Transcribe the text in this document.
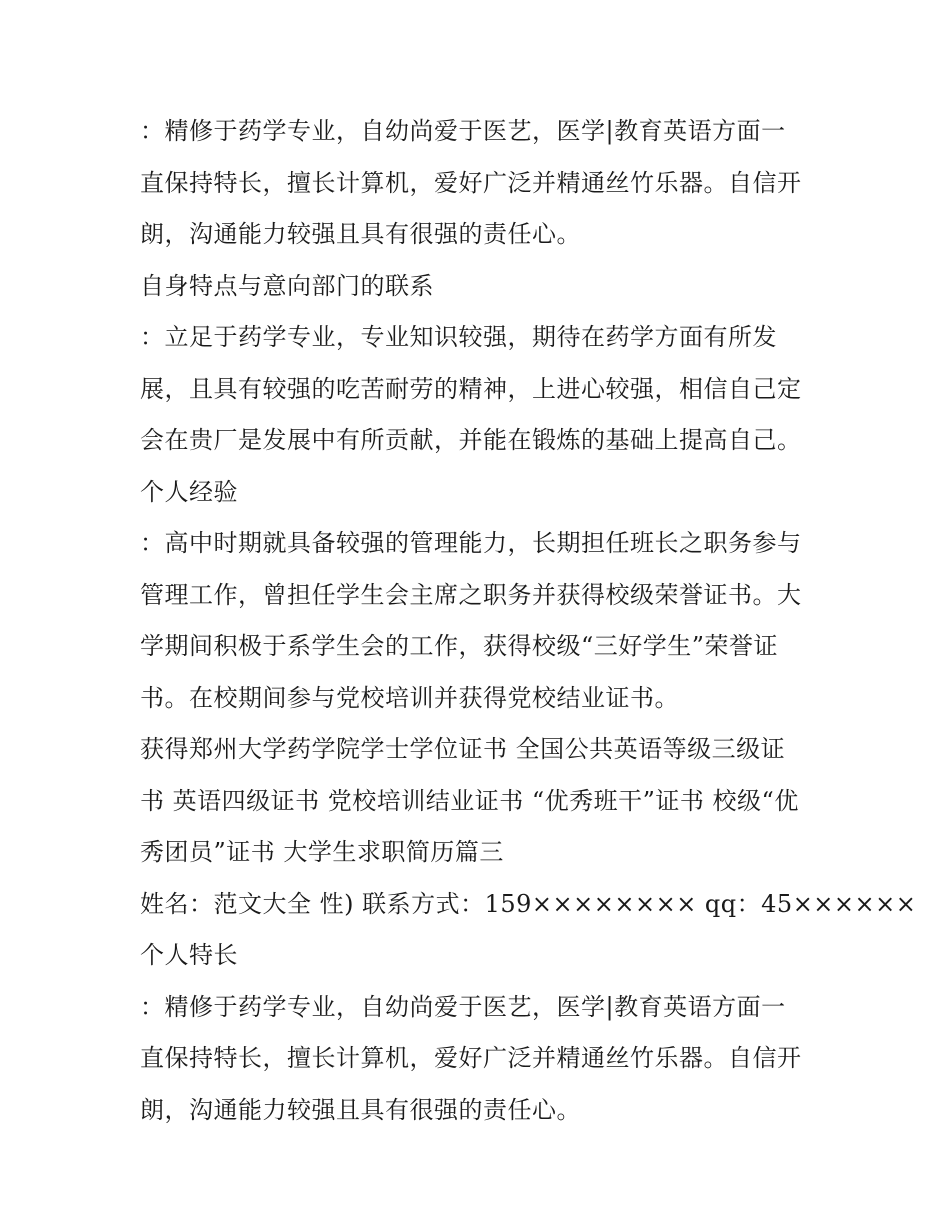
：精修于药学专业，自幼尚爱于医艺，医学|教育英语方面一
直保持特长，擅长计算机，爱好广泛并精通丝竹乐器。自信开
朗，沟通能力较强且具有很强的责任心。
自身特点与意向部门的联系
：立足于药学专业，专业知识较强，期待在药学方面有所发
展，且具有较强的吃苦耐劳的精神，上进心较强，相信自己定
会在贵厂是发展中有所贡献，并能在锻炼的基础上提高自己。
个人经验
：高中时期就具备较强的管理能力，长期担任班长之职务参与
管理工作，曾担任学生会主席之职务并获得校级荣誉证书。大
学期间积极于系学生会的工作，获得校级“三好学生”荣誉证
书。在校期间参与党校培训并获得党校结业证书。
获得郑州大学药学院学士学位证书 全国公共英语等级三级证
书 英语四级证书 党校培训结业证书 “优秀班干”证书 校级“优
秀团员”证书 大学生求职简历篇三
姓名：范文大全 性) 联系方式：159×××××××× qq：45××××××
个人特长
：精修于药学专业，自幼尚爱于医艺，医学|教育英语方面一
直保持特长，擅长计算机，爱好广泛并精通丝竹乐器。自信开
朗，沟通能力较强且具有很强的责任心。
